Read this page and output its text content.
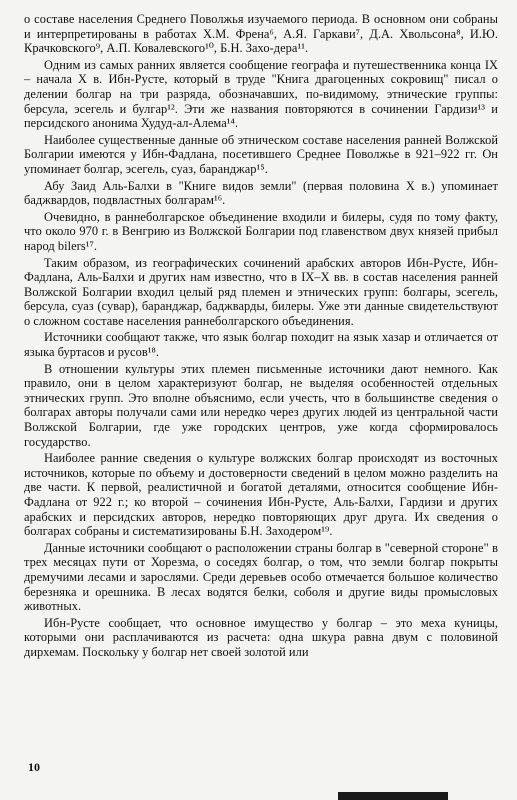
о составе населения Среднего Поволжья изучаемого периода. В основном они собраны и интерпретированы в работах Х.М. Френа⁶, А.Я. Гаркави⁷, Д.А. Хвольсона⁸, И.Ю. Крачковского⁹, А.П. Ковалевского¹⁰, Б.Н. Захо-дера¹¹.

Одним из самых ранних является сообщение географа и путешественника конца IX – начала X в. Ибн-Русте, который в труде "Книга драгоценных сокровищ" писал о делении болгар на три разряда, обозначавших, по-видимому, этнические группы: берсула, эсегель и булгар¹². Эти же названия повторяются в сочинении Гардизи¹³ и персидского анонима Худуд-ал-Алема¹⁴.

Наиболее существенные данные об этническом составе населения ранней Волжской Болгарии имеются у Ибн-Фадлана, посетившего Среднее Поволжье в 921–922 гг. Он упоминает болгар, эсегель, суаз, баранджар¹⁵.

Абу Заид Аль-Балхи в "Книге видов земли" (первая половина X в.) упоминает баджвардов, подвластных болгарам¹⁶.

Очевидно, в раннеболгарское объединение входили и билеры, судя по тому факту, что около 970 г. в Венгрию из Волжской Болгарии под главенством двух князей прибыл народ bilers¹⁷.

Таким образом, из географических сочинений арабских авторов Ибн-Русте, Ибн-Фадлана, Аль-Балхи и других нам известно, что в IX–X вв. в состав населения ранней Волжской Болгарии входил целый ряд племен и этнических групп: болгары, эсегель, берсула, суаз (сувар), баранджар, баджварды, билеры. Уже эти данные свидетельствуют о сложном составе населения раннеболгарского объединения.

Источники сообщают также, что язык болгар походит на язык хазар и отличается от языка буртасов и русов¹⁸.

В отношении культуры этих племен письменные источники дают немного. Как правило, они в целом характеризуют болгар, не выделяя особенностей отдельных этнических групп. Это вполне объяснимо, если учесть, что в большинстве сведения о болгарах авторы получали сами или нередко через других людей из центральной части Волжской Болгарии, где уже городских центров, уже когда сформировалось государство.

Наиболее ранние сведения о культуре волжских болгар происходят из восточных источников, которые по объему и достоверности сведений в целом можно разделить на две части. К первой, реалистичной и богатой деталями, относится сообщение Ибн-Фадлана от 922 г.; ко второй – сочинения Ибн-Русте, Аль-Балхи, Гардизи и других арабских и персидских авторов, нередко повторяющих друг друга. Их сведения о болгарах собраны и систематизированы Б.Н. Заходером¹⁹.

Данные источники сообщают о расположении страны болгар в "северной стороне" в трех месяцах пути от Хорезма, о соседях болгар, о том, что земли болгар покрыты дремучими лесами и зарослями. Среди деревьев особо отмечается большое количество березняка и орешника. В лесах водятся белки, соболя и другие виды промысловых животных.

Ибн-Русте сообщает, что основное имущество у болгар – это меха куницы, которыми они расплачиваются из расчета: одна шкура равна двум с половиной дирхемам. Поскольку у болгар нет своей золотой или

10
